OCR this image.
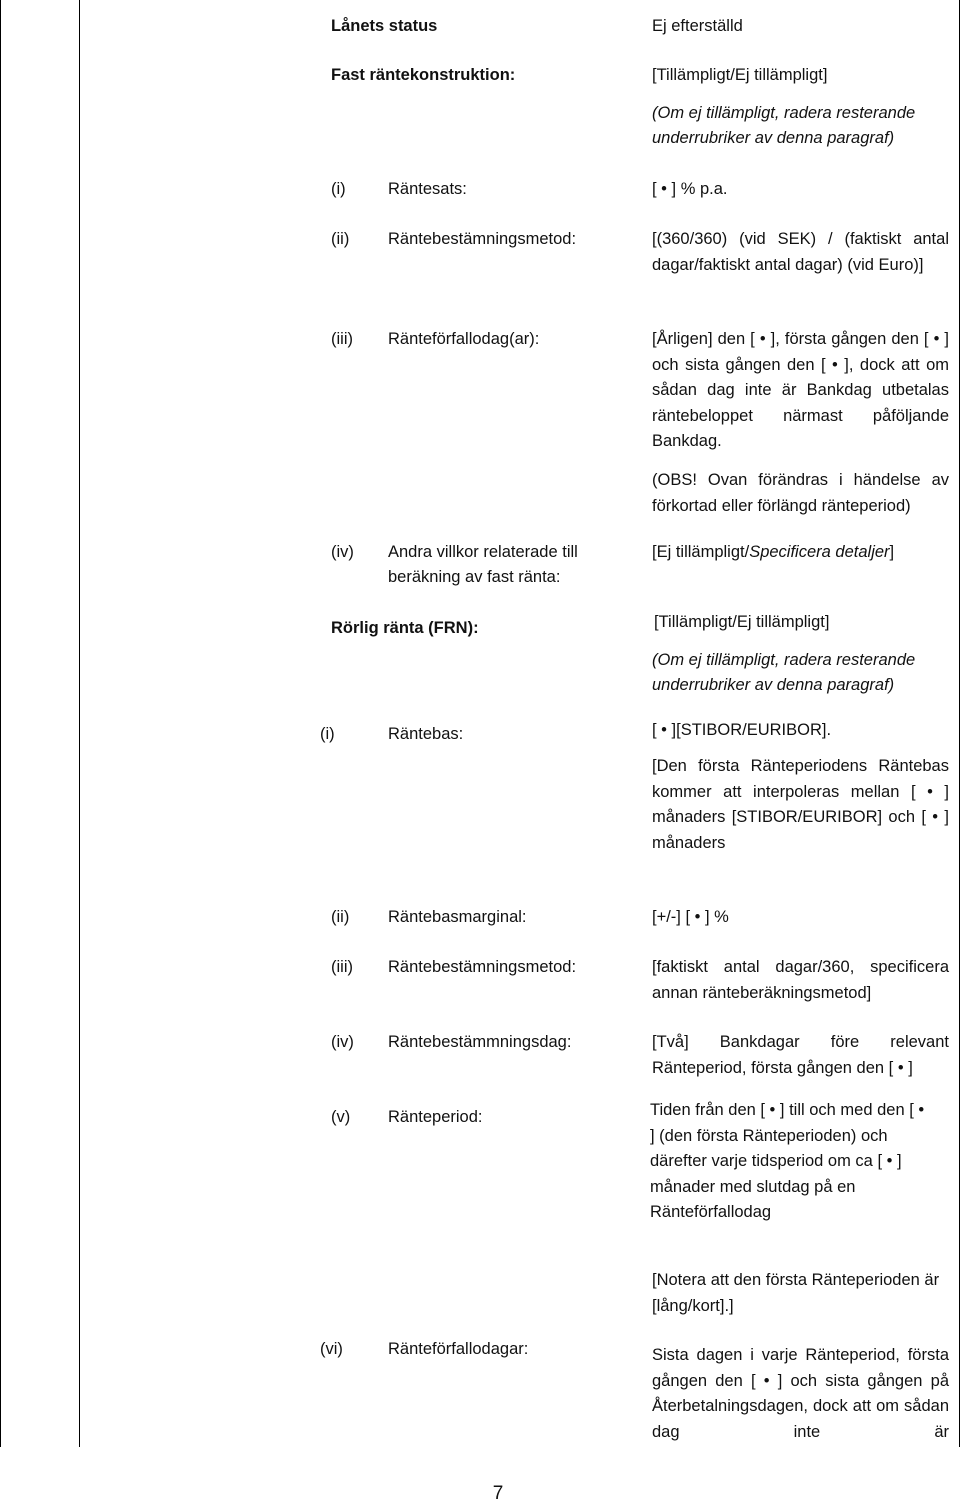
Lånets status	Ej efterställd
Fast räntekonstruktion:	[Tillämpligt/Ej tillämpligt]
(Om ej tillämpligt, radera resterande
underrubriker av denna paragraf)
(i)	Räntesats:	[ • ] % p.a.
(ii) Räntebestämningsmetod:	[(360/360) (vid SEK) / (faktiskt antal dagar/faktiskt antal dagar) (vid Euro)]
(iii) Ränteförfallodag(ar):	[Årligen] den [ • ], första gången den [ • ] och sista gången den [ • ], dock att om sådan dag inte är Bankdag utbetalas räntebeloppet närmast påföljande Bankdag.
(OBS! Ovan förändras i händelse av förkortad eller förlängd ränteperiod)
(iv) Andra villkor relaterade till
beräkning av fast ränta:
[Ej tillämpligt/Specificera detaljer]
Rörlig ränta (FRN):	[Tillämpligt/Ej tillämpligt]
(Om ej tillämpligt, radera resterande
underrubriker av denna paragraf)
(i)	Räntebas:	[ • ][STIBOR/EURIBOR].
[Den första Ränteperiodens Räntebas kommer att interpoleras mellan [ • ] månaders [STIBOR/EURIBOR] och [ • ] månaders
(ii) Räntebasmarginal:	[+/-] [ • ] %
(iii) Räntebestämningsmetod:	[faktiskt antal dagar/360, specificera annan ränteberäkningsmetod]
(iv) Räntebestämmningsdag:	[Två] Bankdagar före relevant Ränteperiod, första gången den [ • ]
(v) Ränteperiod:	Tiden från den [ • ] till och med den [ • ] (den första Ränteperioden) och därefter varje tidsperiod om ca [ • ] månader med slutdag på en Ränteförfallodag
[Notera att den första Ränteperioden är [lång/kort].]
(vi)	Ränteförfallodagar:	Sista dagen i varje Ränteperiod, första gången den [ • ] och sista gången på Återbetalningsdagen, dock att om sådan dag inte är
7
